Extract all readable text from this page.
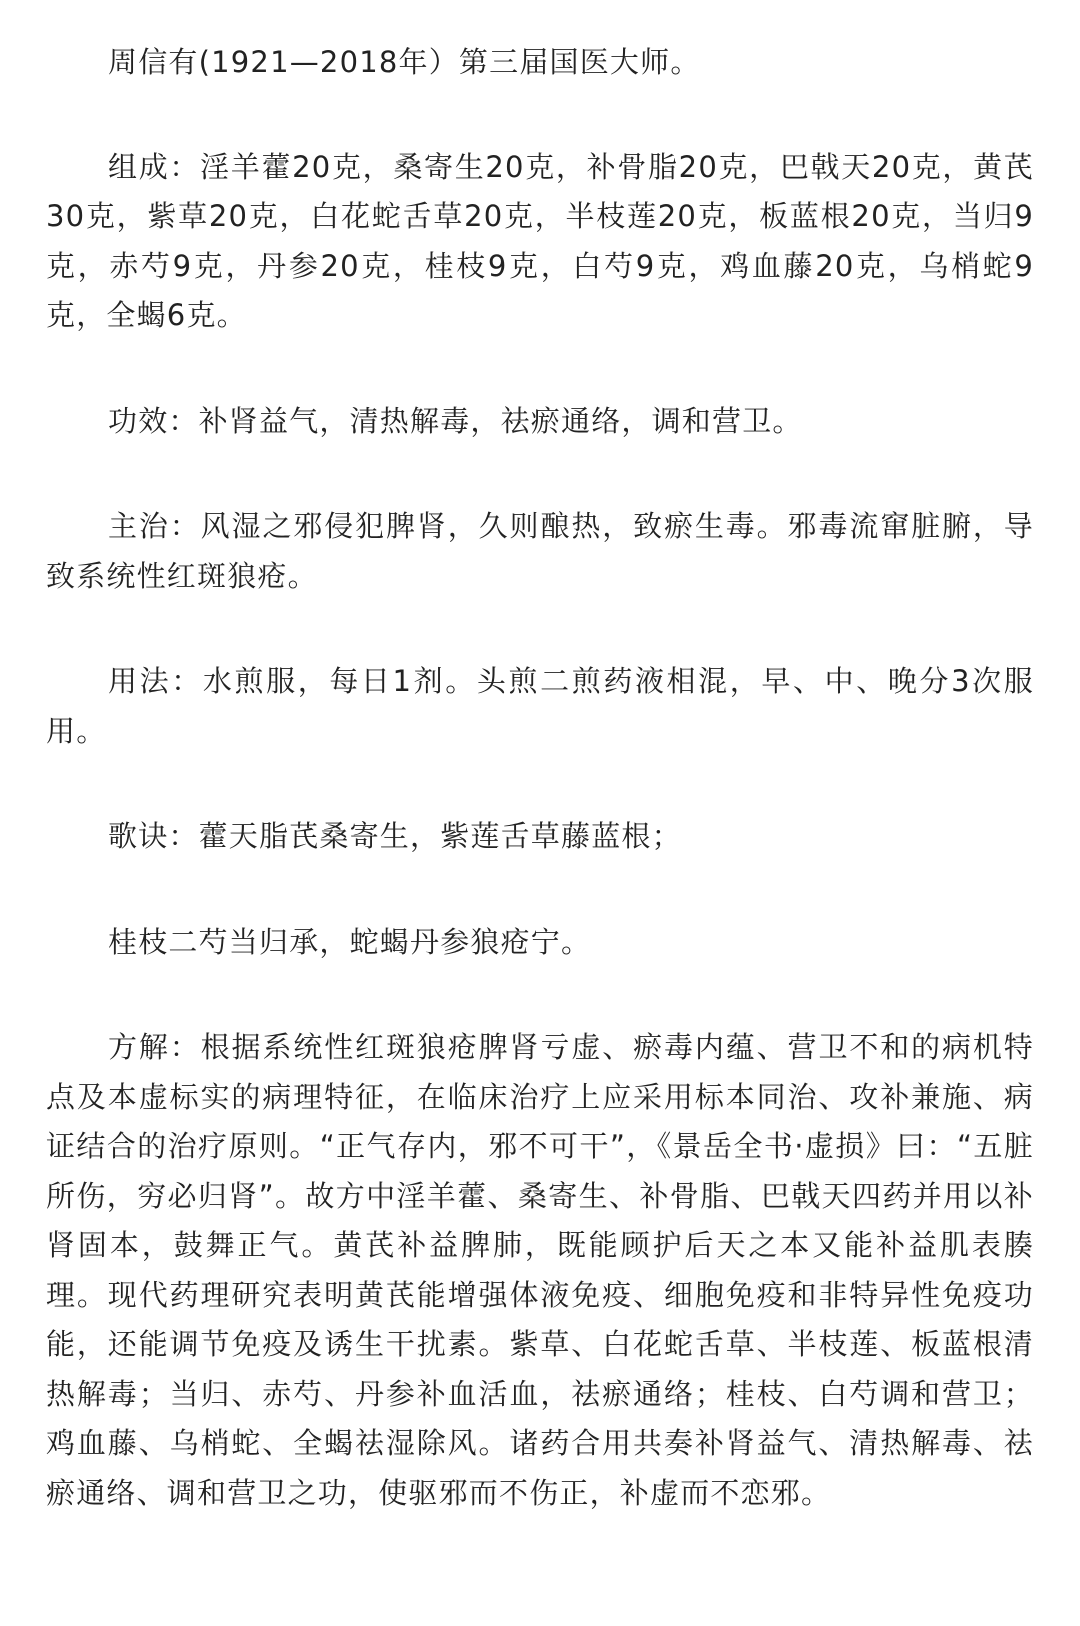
周信有(1921—2018年）第三届国医大师。

组成：淫羊藿20克，桑寄生20克，补骨脂20克，巴戟天20克，黄芪30克，紫草20克，白花蛇舌草20克，半枝莲20克，板蓝根20克，当归9克，赤芍9克，丹参20克，桂枝9克，白芍9克，鸡血藤20克，乌梢蛇9克，全蝎6克。

功效：补肾益气，清热解毒，祛瘀通络，调和营卫。

主治：风湿之邪侵犯脾肾，久则酿热，致瘀生毒。邪毒流窜脏腑，导致系统性红斑狼疮。

用法：水煎服，每日1剂。头煎二煎药液相混，早、中、晚分3次服用。

歌诀：藿天脂芪桑寄生，紫莲舌草藤蓝根；

桂枝二芍当归承，蛇蝎丹参狼疮宁。

方解：根据系统性红斑狼疮脾肾亏虚、瘀毒内蕴、营卫不和的病机特点及本虚标实的病理特征，在临床治疗上应采用标本同治、攻补兼施、病证结合的治疗原则。“正气存内，邪不可干”，《景岳全书·虚损》曰：“五脏所伤，穷必归肾”。故方中淫羊藿、桑寄生、补骨脂、巴戟天四药并用以补肾固本，鼓舞正气。黄芪补益脾肺，既能顾护后天之本又能补益肌表腠理。现代药理研究表明黄芪能增强体液免疫、细胞免疫和非特异性免疫功能，还能调节免疫及诱生干扰素。紫草、白花蛇舌草、半枝莲、板蓝根清热解毒；当归、赤芍、丹参补血活血，祛瘀通络；桂枝、白芍调和营卫；鸡血藤、乌梢蛇、全蝎祛湿除风。诸药合用共奏补肾益气、清热解毒、祛瘀通络、调和营卫之功，使驱邪而不伤正，补虚而不恋邪。
